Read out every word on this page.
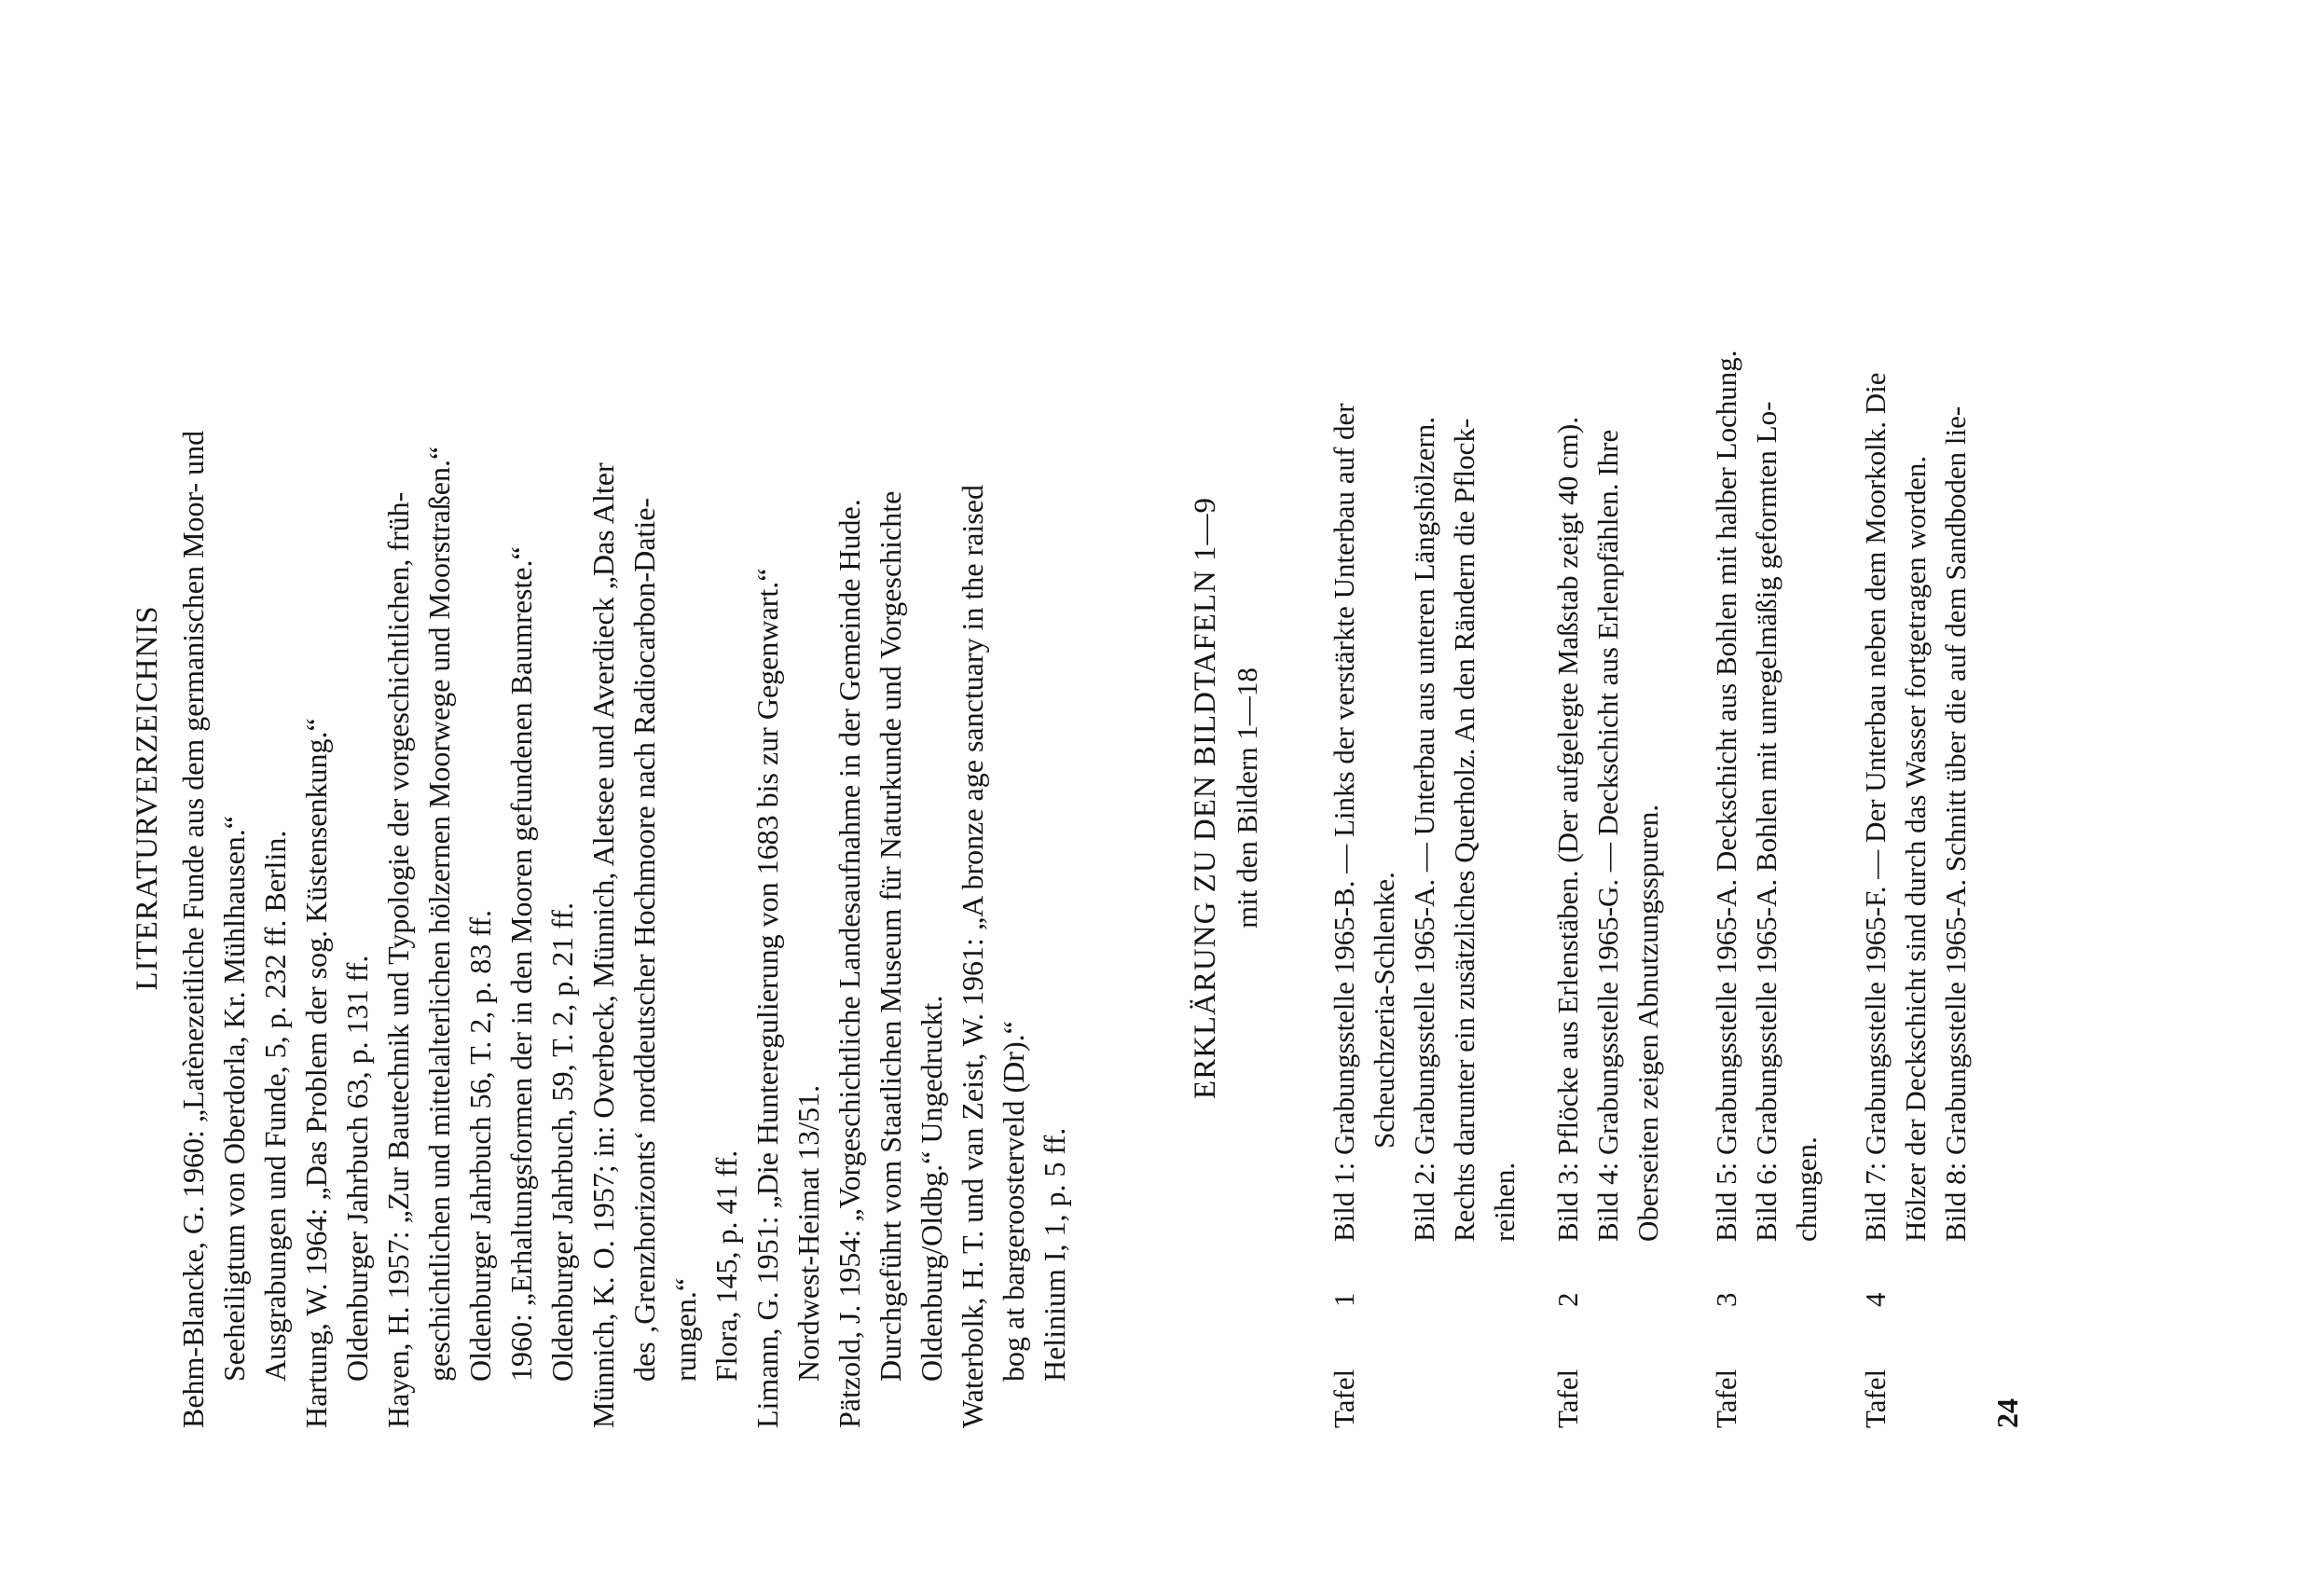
LITERATURVERZEICHNIS Behm-Blancke, G. 1960: „Latènezeitliche Funde aus dem germanischen Moor- und Seeheiligtum von Oberdorla, Kr. Mühlhausen.“ Ausgrabungen und Funde, 5, p. 232 ff. Berlin. Hartung, W. 1964: „Das Problem der sog. Küstensenkung.“ Oldenburger Jahrbuch 63, p. 131 ff. Hayen, H. 1957: „Zur Bautechnik und Typologie der vorgeschichtlichen, früh- geschichtlichen und mittelalterlichen hölzernen Moorwege und Moorstraßen.“ Oldenburger Jahrbuch 56, T. 2, p. 83 ff. 1960: „Erhaltungsformen der in den Mooren gefundenen Baumreste.“ Oldenburger Jahrbuch, 59, T. 2, p. 21 ff. Münnich, K. O. 1957; in: Overbeck, Münnich, Aletsee und Averdieck „Das Alter des ‚Grenzhorizonts‘ norddeutscher Hochmoore nach Radiocarbon-Datie- rungen.“ Flora, 145, p. 41 ff. Limann, G. 1951: „Die Hunteregulierung von 1683 bis zur Gegenwart.“ Nordwest-Heimat 13/51. Pätzold, J. 1954: „Vorgeschichtliche Landesaufnahme in der Gemeinde Hude. Durchgeführt vom Staatlichen Museum für Naturkunde und Vorgeschichte Oldenburg/Oldbg.“ Ungedruckt. Waterbolk, H. T. und van Zeist, W. 1961: „A bronze age sanctuary in the raised bog at bargeroosterveld (Dr).“ Helinium I, 1, p. 5 ff.
ERKLÄRUNG ZU DEN BILDTAFELN 1—9 mit den Bildern 1—18
Tafel
1
Bild 1: Grabungsstelle 1965-B. — Links der verstärkte Unterbau auf der Scheuchzeria-Schlenke. Bild 2: Grabungsstelle 1965-A. — Unterbau aus unteren Längshölzern. Rechts darunter ein zusätzliches Querholz. An den Rändern die Pflock- reihen.
Tafel
2
Bild 3: Pflöcke aus Erlenstäben. (Der aufgelegte Maßstab zeigt 40 cm). Bild 4: Grabungsstelle 1965-G. — Deckschicht aus Erlenpfählen. Ihre Oberseiten zeigen Abnutzungsspuren.
Tafel
3
Bild 5: Grabungsstelle 1965-A. Deckschicht aus Bohlen mit halber Lochung. Bild 6: Grabungsstelle 1965-A. Bohlen mit unregelmäßig geformten Lo- chungen.
Tafel
4
Bild 7: Grabungsstelle 1965-F. — Der Unterbau neben dem Moorkolk. Die Hölzer der Deckschicht sind durch das Wasser fortgetragen worden. Bild 8: Grabungsstelle 1965-A. Schnitt über die auf dem Sandboden lie-
24
